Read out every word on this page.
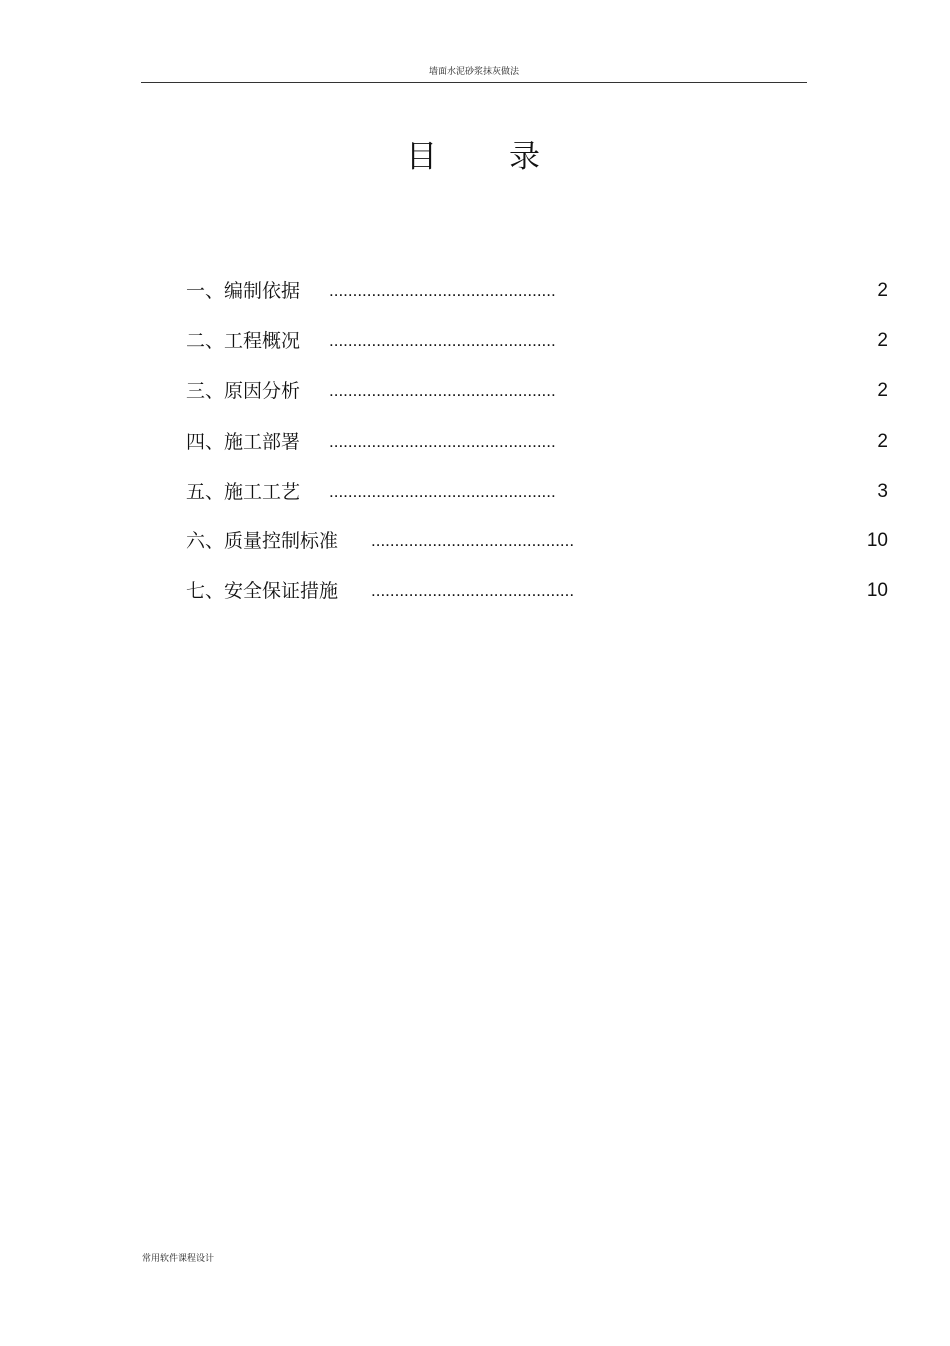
墙面水泥砂浆抹灰做法
目 录
一、编制依据 ................................................	2
二、工程概况 ................................................	2
三、原因分析 ................................................	2
四、施工部署 ................................................	2
五、施工工艺 ................................................	3
六、质量控制标准 ...........................................	10
七、安全保证措施 ...........................................	10
常用软件课程设计
